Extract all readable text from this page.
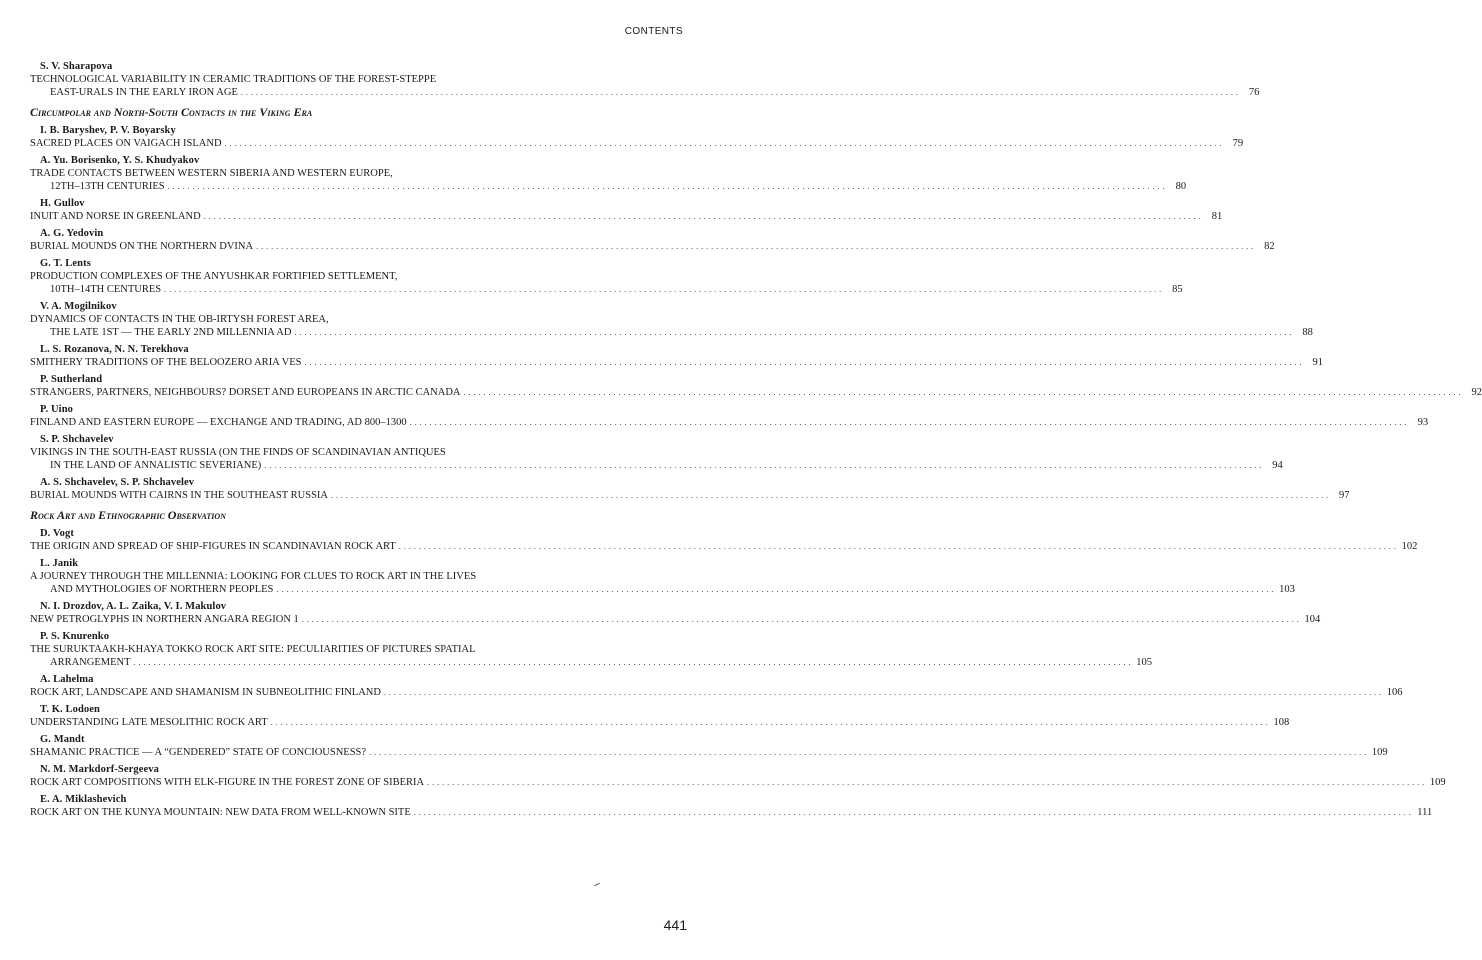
CONTENTS
S. V. Sharapova
TECHNOLOGICAL VARIABILITY IN CERAMIC TRADITIONS OF THE FOREST-STEPPE
EAST-URALS IN THE EARLY IRON AGE . . . . . . . . . . . . . . . . . . . . . . . . . . . . . . . . . . . . . . . . . . . . . . . . . . . . . . . . . . . . . . . . . . . . . . . . . . . . . . . . . . . . . . . . . . . . . . . . . . . . . . . . . . . . . . . . . . . . . . . . . . . . . . . . . . . . . . . . . . . . . . . . . . . . . . . . . . . . . . . . . . . . . . . . . . . . . . . . . . . . . . . . . . . . . . . . . . . . . . . .	76
Circumpolar and North-South Contacts in the Viking Era
I. B. Baryshev, P. V. Boyarsky
SACRED PLACES ON VAIGACH ISLAND . . . . . . . . . . . . . . . . . . . . . . . . . . . . . . . . . . . . . . . . . . . . . . . . . . . . . . . . . . . . . . . . . . . . . . . . . . . . . . . . . . . . . . . . . . . . . . . . . . . . . . . . . . . . . . . . . . . . . . . . . . . . . . . . . . . . . . . . . . . . . . . . . . . . . . . . . . . . . . . . . . . . . . . . . . . . . . . . . . . . . . . . . . . . . . . . . . . . . . . .	79
A. Yu. Borisenko, Y. S. Khudyakov
TRADE CONTACTS BETWEEN WESTERN SIBERIA AND WESTERN EUROPE,
12TH–13TH CENTURIES . . . . . . . . . . . . . . . . . . . . . . . . . . . . . . . . . . . . . . . . . . . . . . . . . . . . . . . . . . . . . . . . . . . . . . . . . . . . . . . . . . . . . . . . . . . . . . . . . . . . . . . . . . . . . . . . . . . . . . . . . . . . . . . . . . . . . . . . . . . . . . . . . . . . . . . . . . . . . . . . . . . . . . . . . . . . . . . . . . . . . . . . . . . . . . . . . . . . . . . .	80
H. Gullov
INUIT AND NORSE IN GREENLAND . . . . . . . . . . . . . . . . . . . . . . . . . . . . . . . . . . . . . . . . . . . . . . . . . . . . . . . . . . . . . . . . . . . . . . . . . . . . . . . . . . . . . . . . . . . . . . . . . . . . . . . . . . . . . . . . . . . . . . . . . . . . . . . . . . . . . . . . . . . . . . . . . . . . . . . . . . . . . . . . . . . . . . . . . . . . . . . . . . . . . . . . . . . . . . . . . . . . . . . .	81
A. G. Yedovin
BURIAL MOUNDS ON THE NORTHERN DVINA . . . . . . . . . . . . . . . . . . . . . . . . . . . . . . . . . . . . . . . . . . . . . . . . . . . . . . . . . . . . . . . . . . . . . . . . . . . . . . . . . . . . . . . . . . . . . . . . . . . . . . . . . . . . . . . . . . . . . . . . . . . . . . . . . . . . . . . . . . . . . . . . . . . . . . . . . . . . . . . . . . . . . . . . . . . . . . . . . . . . . . . . . . . . . . . . . . . . . . . .	82
G. T. Lents
PRODUCTION COMPLEXES OF THE ANYUSHKAR FORTIFIED SETTLEMENT,
10TH–14TH CENTURES . . . . . . . . . . . . . . . . . . . . . . . . . . . . . . . . . . . . . . . . . . . . . . . . . . . . . . . . . . . . . . . . . . . . . . . . . . . . . . . . . . . . . . . . . . . . . . . . . . . . . . . . . . . . . . . . . . . . . . . . . . . . . . . . . . . . . . . . . . . . . . . . . . . . . . . . . . . . . . . . . . . . . . . . . . . . . . . . . . . . . . . . . . . . . . . . . . . . . . . .	85
V. A. Mogilnikov
DYNAMICS OF CONTACTS IN THE OB-IRTYSH FOREST AREA,
THE LATE 1ST — THE EARLY 2ND MILLENNIA AD . . . . . . . . . . . . . . . . . . . . . . . . . . . . . . . . . . . . . . . . . . . . . . . . . . . . . . . . . . . . . . . . . . . . . . . . . . . . . . . . . . . . . . . . . . . . . . . . . . . . . . . . . . . . . . . . . . . . . . . . . . . . . . . . . . . . . . . . . . . . . . . . . . . . . . . . . . . . . . . . . . . . . . . . . . . . . . . . . . . . . . . . . . . . . . . . . . . . . . . .	88
L. S. Rozanova, N. N. Terekhova
SMITHERY TRADITIONS OF THE BELOOZERO ARIA VES . . . . . . . . . . . . . . . . . . . . . . . . . . . . . . . . . . . . . . . . . . . . . . . . . . . . . . . . . . . . . . . . . . . . . . . . . . . . . . . . . . . . . . . . . . . . . . . . . . . . . . . . . . . . . . . . . . . . . . . . . . . . . . . . . . . . . . . . . . . . . . . . . . . . . . . . . . . . . . . . . . . . . . . . . . . . . . . . . . . . . . . . . . . . . . . . . . . . . . . .	91
P. Sutherland
STRANGERS, PARTNERS, NEIGHBOURS? DORSET AND EUROPEANS IN ARCTIC CANADA . . . . . . . . . . . . . . . . . . . . . . . . . . . . . . . . . . . . . . . . . . . . . . . . . . . . . . . . . . . . . . . . . . . . . . . . . . . . . . . . . . . . . . . . . . . . . . . . . . . . . . . . . . . . . . . . . . . . . . . . . . . . . . . . . . . . . . . . . . . . . . . . . . . . . . . . . . . . . . . . . . . . . . . . . . . . . . . . . . . . . . . . . . . . . . . . . . . . . . . .	92
P. Uino
FINLAND AND EASTERN EUROPE — EXCHANGE AND TRADING, AD 800–1300 . . . . . . . . . . . . . . . . . . . . . . . . . . . . . . . . . . . . . . . . . . . . . . . . . . . . . . . . . . . . . . . . . . . . . . . . . . . . . . . . . . . . . . . . . . . . . . . . . . . . . . . . . . . . . . . . . . . . . . . . . . . . . . . . . . . . . . . . . . . . . . . . . . . . . . . . . . . . . . . . . . . . . . . . . . . . . . . . . . . . . . . . . . . . . . . . . . . . . . . .	93
S. P. Shchavelev
VIKINGS IN THE SOUTH-EAST RUSSIA (ON THE FINDS OF SCANDINAVIAN ANTIQUES
IN THE LAND OF ANNALISTIC SEVERIANE) . . . . . . . . . . . . . . . . . . . . . . . . . . . . . . . . . . . . . . . . . . . . . . . . . . . . . . . . . . . . . . . . . . . . . . . . . . . . . . . . . . . . . . . . . . . . . . . . . . . . . . . . . . . . . . . . . . . . . . . . . . . . . . . . . . . . . . . . . . . . . . . . . . . . . . . . . . . . . . . . . . . . . . . . . . . . . . . . . . . . . . . . . . . . . . . . . . . . . . . .	94
A. S. Shchavelev, S. P. Shchavelev
BURIAL MOUNDS WITH CAIRNS IN THE SOUTHEAST RUSSIA . . . . . . . . . . . . . . . . . . . . . . . . . . . . . . . . . . . . . . . . . . . . . . . . . . . . . . . . . . . . . . . . . . . . . . . . . . . . . . . . . . . . . . . . . . . . . . . . . . . . . . . . . . . . . . . . . . . . . . . . . . . . . . . . . . . . . . . . . . . . . . . . . . . . . . . . . . . . . . . . . . . . . . . . . . . . . . . . . . . . . . . . . . . . . . . . . . . . . . . .	97
Rock Art and Ethnographic Observation
D. Vogt
THE ORIGIN AND SPREAD OF SHIP-FIGURES IN SCANDINAVIAN ROCK ART . . . . . . . . . . . . . . . . . . . . . . . . . . . . . . . . . . . . . . . . . . . . . . . . . . . . . . . . . . . . . . . . . . . . . . . . . . . . . . . . . . . . . . . . . . . . . . . . . . . . . . . . . . . . . . . . . . . . . . . . . . . . . . . . . . . . . . . . . . . . . . . . . . . . . . . . . . . . . . . . . . . . . . . . . . . . . . . . . . . . . . . . . . . . . . . . . . . . . . . . 102
L. Janik
A JOURNEY THROUGH THE MILLENNIA: LOOKING FOR CLUES TO ROCK ART IN THE LIVES
AND MYTHOLOGIES OF NORTHERN PEOPLES . . . . . . . . . . . . . . . . . . . . . . . . . . . . . . . . . . . . . . . . . . . . . . . . . . . . . . . . . . . . . . . . . . . . . . . . . . . . . . . . . . . . . . . . . . . . . . . . . . . . . . . . . . . . . . . . . . . . . . . . . . . . . . . . . . . . . . . . . . . . . . . . . . . . . . . . . . . . . . . . . . . . . . . . . . . . . . . . . . . . . . . . . . . . . . . . . . . . . . . . 103
N. I. Drozdov, A. L. Zaika, V. I. Makulov
NEW PETROGLYPHS IN NORTHERN ANGARA REGION 1 . . . . . . . . . . . . . . . . . . . . . . . . . . . . . . . . . . . . . . . . . . . . . . . . . . . . . . . . . . . . . . . . . . . . . . . . . . . . . . . . . . . . . . . . . . . . . . . . . . . . . . . . . . . . . . . . . . . . . . . . . . . . . . . . . . . . . . . . . . . . . . . . . . . . . . . . . . . . . . . . . . . . . . . . . . . . . . . . . . . . . . . . . . . . . . . . . . . . . . . . 104
P. S. Knurenko
THE SURUKTAAKH-KHAYA TOKKO ROCK ART SITE: PECULIARITIES OF PICTURES SPATIAL
ARRANGEMENT . . . . . . . . . . . . . . . . . . . . . . . . . . . . . . . . . . . . . . . . . . . . . . . . . . . . . . . . . . . . . . . . . . . . . . . . . . . . . . . . . . . . . . . . . . . . . . . . . . . . . . . . . . . . . . . . . . . . . . . . . . . . . . . . . . . . . . . . . . . . . . . . . . . . . . . . . . . . . . . . . . . . . . . . . . . . . . . . . . . . . . . . . . . . . . . . . . . . . . . . 105
A. Lahelma
ROCK ART, LANDSCAPE AND SHAMANISM IN SUBNEOLITHIC FINLAND . . . . . . . . . . . . . . . . . . . . . . . . . . . . . . . . . . . . . . . . . . . . . . . . . . . . . . . . . . . . . . . . . . . . . . . . . . . . . . . . . . . . . . . . . . . . . . . . . . . . . . . . . . . . . . . . . . . . . . . . . . . . . . . . . . . . . . . . . . . . . . . . . . . . . . . . . . . . . . . . . . . . . . . . . . . . . . . . . . . . . . . . . . . . . . . . . . . . . . . . 106
T. K. Lodoen
UNDERSTANDING LATE MESOLITHIC ROCK ART . . . . . . . . . . . . . . . . . . . . . . . . . . . . . . . . . . . . . . . . . . . . . . . . . . . . . . . . . . . . . . . . . . . . . . . . . . . . . . . . . . . . . . . . . . . . . . . . . . . . . . . . . . . . . . . . . . . . . . . . . . . . . . . . . . . . . . . . . . . . . . . . . . . . . . . . . . . . . . . . . . . . . . . . . . . . . . . . . . . . . . . . . . . . . . . . . . . . . . . . 108
G. Mandt
SHAMANIC PRACTICE — A “GENDERED” STATE OF CONCIOUSNESS? . . . . . . . . . . . . . . . . . . . . . . . . . . . . . . . . . . . . . . . . . . . . . . . . . . . . . . . . . . . . . . . . . . . . . . . . . . . . . . . . . . . . . . . . . . . . . . . . . . . . . . . . . . . . . . . . . . . . . . . . . . . . . . . . . . . . . . . . . . . . . . . . . . . . . . . . . . . . . . . . . . . . . . . . . . . . . . . . . . . . . . . . . . . . . . . . . . . . . . . . 109
N. M. Markdorf-Sergeeva
ROCK ART COMPOSITIONS WITH ELK-FIGURE IN THE FOREST ZONE OF SIBERIA . . . . . . . . . . . . . . . . . . . . . . . . . . . . . . . . . . . . . . . . . . . . . . . . . . . . . . . . . . . . . . . . . . . . . . . . . . . . . . . . . . . . . . . . . . . . . . . . . . . . . . . . . . . . . . . . . . . . . . . . . . . . . . . . . . . . . . . . . . . . . . . . . . . . . . . . . . . . . . . . . . . . . . . . . . . . . . . . . . . . . . . . . . . . . . . . . . . . . . . . 109
E. A. Miklashevich
ROCK ART ON THE KUNYA MOUNTAIN: NEW DATA FROM WELL-KNOWN SITE . . . . . . . . . . . . . . . . . . . . . . . . . . . . . . . . . . . . . . . . . . . . . . . . . . . . . . . . . . . . . . . . . . . . . . . . . . . . . . . . . . . . . . . . . . . . . . . . . . . . . . . . . . . . . . . . . . . . . . . . . . . . . . . . . . . . . . . . . . . . . . . . . . . . . . . . . . . . . . . . . . . . . . . . . . . . . . . . . . . . . . . . . . . . . . . . . . . . . . . . 111
441
